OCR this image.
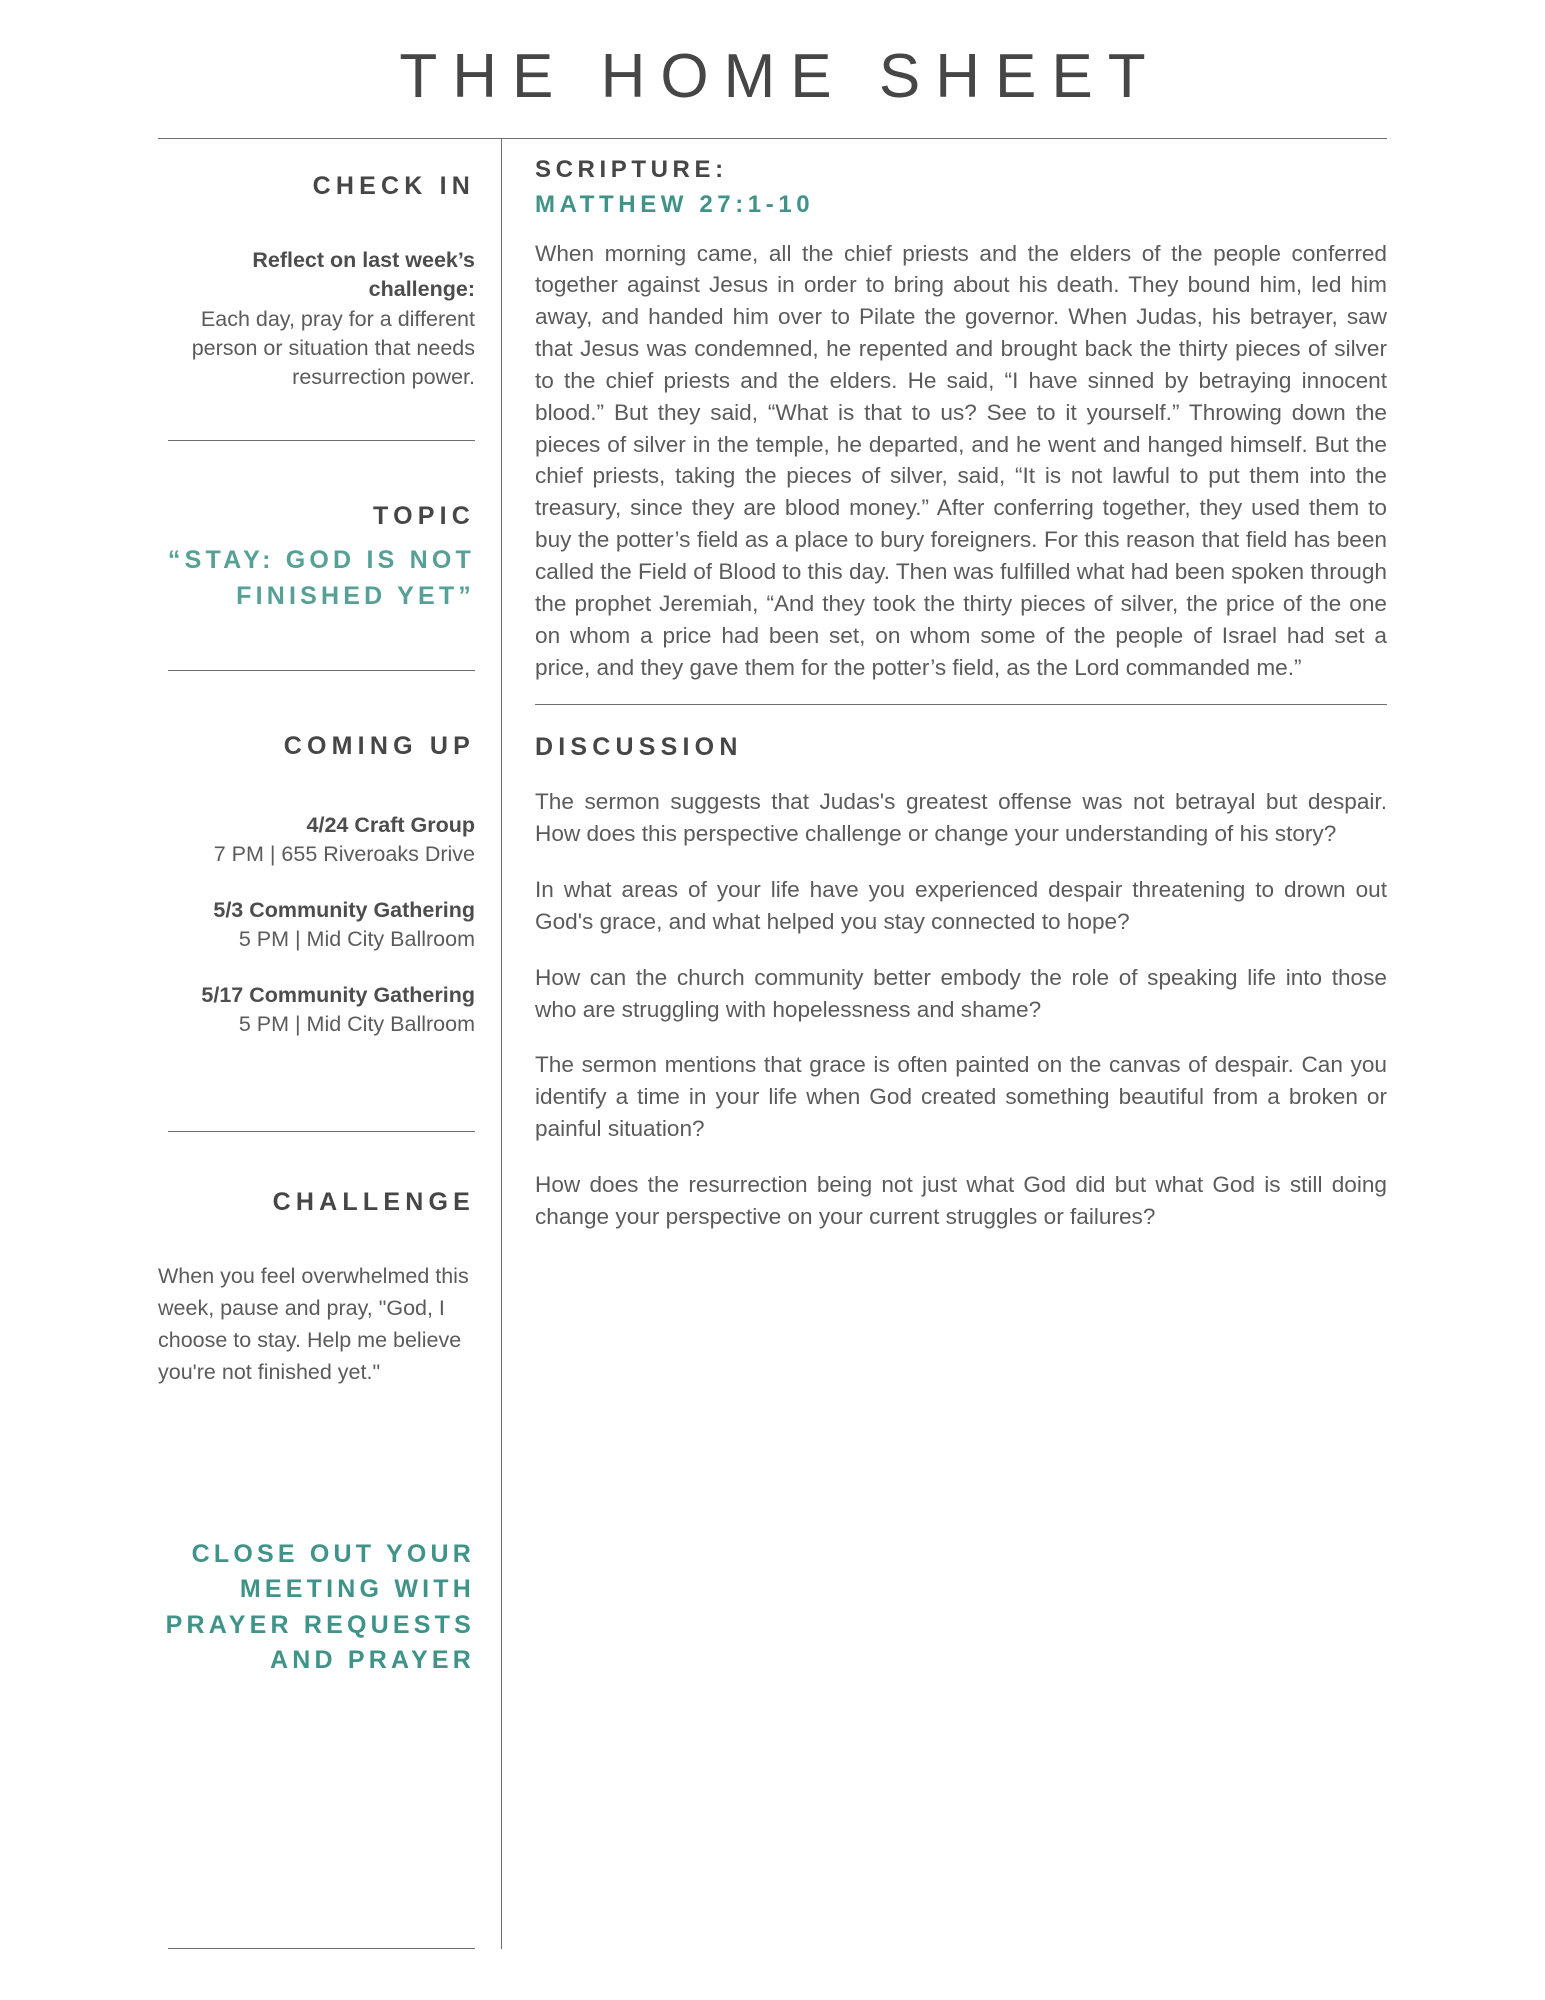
THE HOME SHEET
CHECK IN
Reflect on last week’s challenge:
Each day, pray for a different person or situation that needs resurrection power.
TOPIC
“STAY: GOD IS NOT FINISHED YET”
COMING UP
4/24 Craft Group
7 PM | 655 Riveroaks Drive
5/3 Community Gathering
5 PM | Mid City Ballroom
5/17 Community Gathering
5 PM | Mid City Ballroom
CHALLENGE
When you feel overwhelmed this week, pause and pray, "God, I choose to stay. Help me believe you're not finished yet."
CLOSE OUT YOUR MEETING WITH PRAYER REQUESTS AND PRAYER
SCRIPTURE:
MATTHEW 27:1-10
When morning came, all the chief priests and the elders of the people conferred together against Jesus in order to bring about his death. They bound him, led him away, and handed him over to Pilate the governor. When Judas, his betrayer, saw that Jesus was condemned, he repented and brought back the thirty pieces of silver to the chief priests and the elders. He said, “I have sinned by betraying innocent blood.” But they said, “What is that to us? See to it yourself.” Throwing down the pieces of silver in the temple, he departed, and he went and hanged himself. But the chief priests, taking the pieces of silver, said, “It is not lawful to put them into the treasury, since they are blood money.” After conferring together, they used them to buy the potter’s field as a place to bury foreigners. For this reason that field has been called the Field of Blood to this day. Then was fulfilled what had been spoken through the prophet Jeremiah, “And they took the thirty pieces of silver, the price of the one on whom a price had been set, on whom some of the people of Israel had set a price, and they gave them for the potter’s field, as the Lord commanded me.”
DISCUSSION
The sermon suggests that Judas's greatest offense was not betrayal but despair. How does this perspective challenge or change your understanding of his story?
In what areas of your life have you experienced despair threatening to drown out God's grace, and what helped you stay connected to hope?
How can the church community better embody the role of speaking life into those who are struggling with hopelessness and shame?
The sermon mentions that grace is often painted on the canvas of despair. Can you identify a time in your life when God created something beautiful from a broken or painful situation?
How does the resurrection being not just what God did but what God is still doing change your perspective on your current struggles or failures?
